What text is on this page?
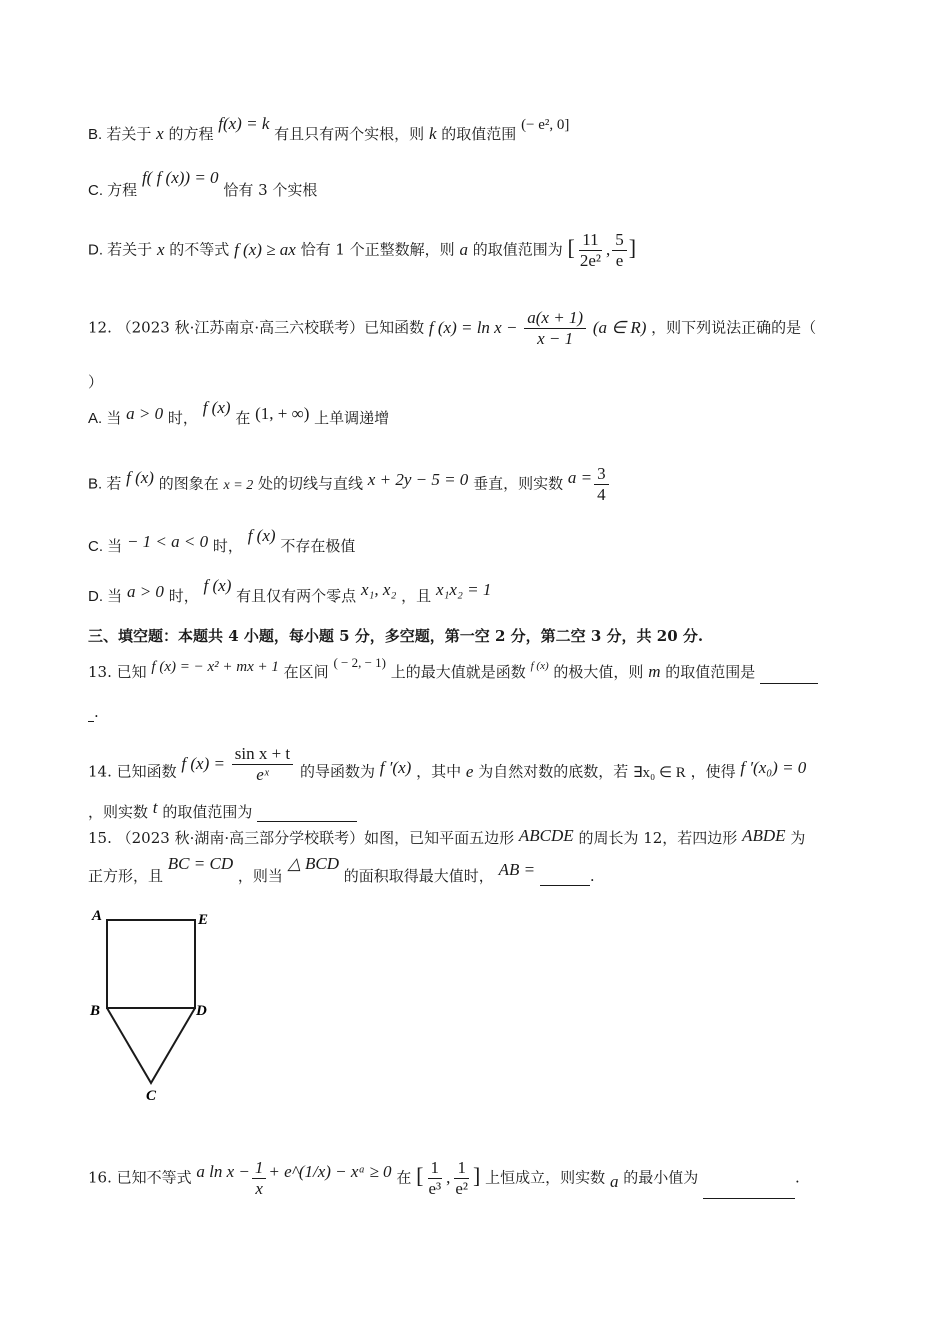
B. 若关于 x 的方程 f(x) = k 有且只有两个实根，则 k 的取值范围 (− e², 0]
C. 方程 f( f (x)) = 0 恰有 3 个实根
D. 若关于 x 的不等式 f (x) ≥ ax 恰有 1 个正整数解，则 a 的取值范围为 [ $\frac{11}{\text{2e²}}$ , $\frac{5}{e}$ ]
12. （2023 秋·江苏南京·高三六校联考）已知函数 f $(x) = \ln x - \frac{a(x + 1)}{x - 1} (a$ ∈ R) ，则下列说法正确的是（
）
A. 当 a > 0 时， f (x) 在 (1, + ∞) 上单调递增
B. 若 f (x) 的图象在 x = 2 处的切线与直线 x + 2y − 5 = 0 垂直，则实数 $a = \frac{3}{4}$
C. 当 − 1 < a < 0 时， f (x) 不存在极值
D. 当 a > 0 时， f (x) 有且仅有两个零点 x₁, x₂ ，且 x₁x₂ = 1
三、填空题：本题共 4 小题，每小题 5 分，多空题，第一空 2 分，第二空 3 分，共 20 分.
13. 已知 f (x) = − x² + mx + 1 在区间 ( − 2, − 1) 上的最大值就是函数 f (x) 的极大值，则 m 的取值范围是
.
14. 已知函数 f $(x) = \frac{\text{sin x + t}}{\text{eˣ}}$ 的导函数为 f ′(x) ，其中 e 为自然对数的底数，若 ∃x₀ ∈ R ，使得 f ′(x₀) = 0
，则实数 t 的取值范围为
15. （2023 秋·湖南·高三部分学校联考）如图，已知平面五边形 ABCDE 的周长为 12，若四边形 ABDE 为
正方形，且 BC = CD ，则当 △ BCD 的面积取得最大值时， AB =	.
A	E
B	D
C
16. 已知不等式 a $\ln x - \frac{1}{x}$ + e^(1/x) − xᵃ ≥ 0 在 [ $\frac{1}{\text{e³}}$ , $\frac{1}{\text{e²}}$ ] 上恒成立，则实数 a 的最小值为	.
